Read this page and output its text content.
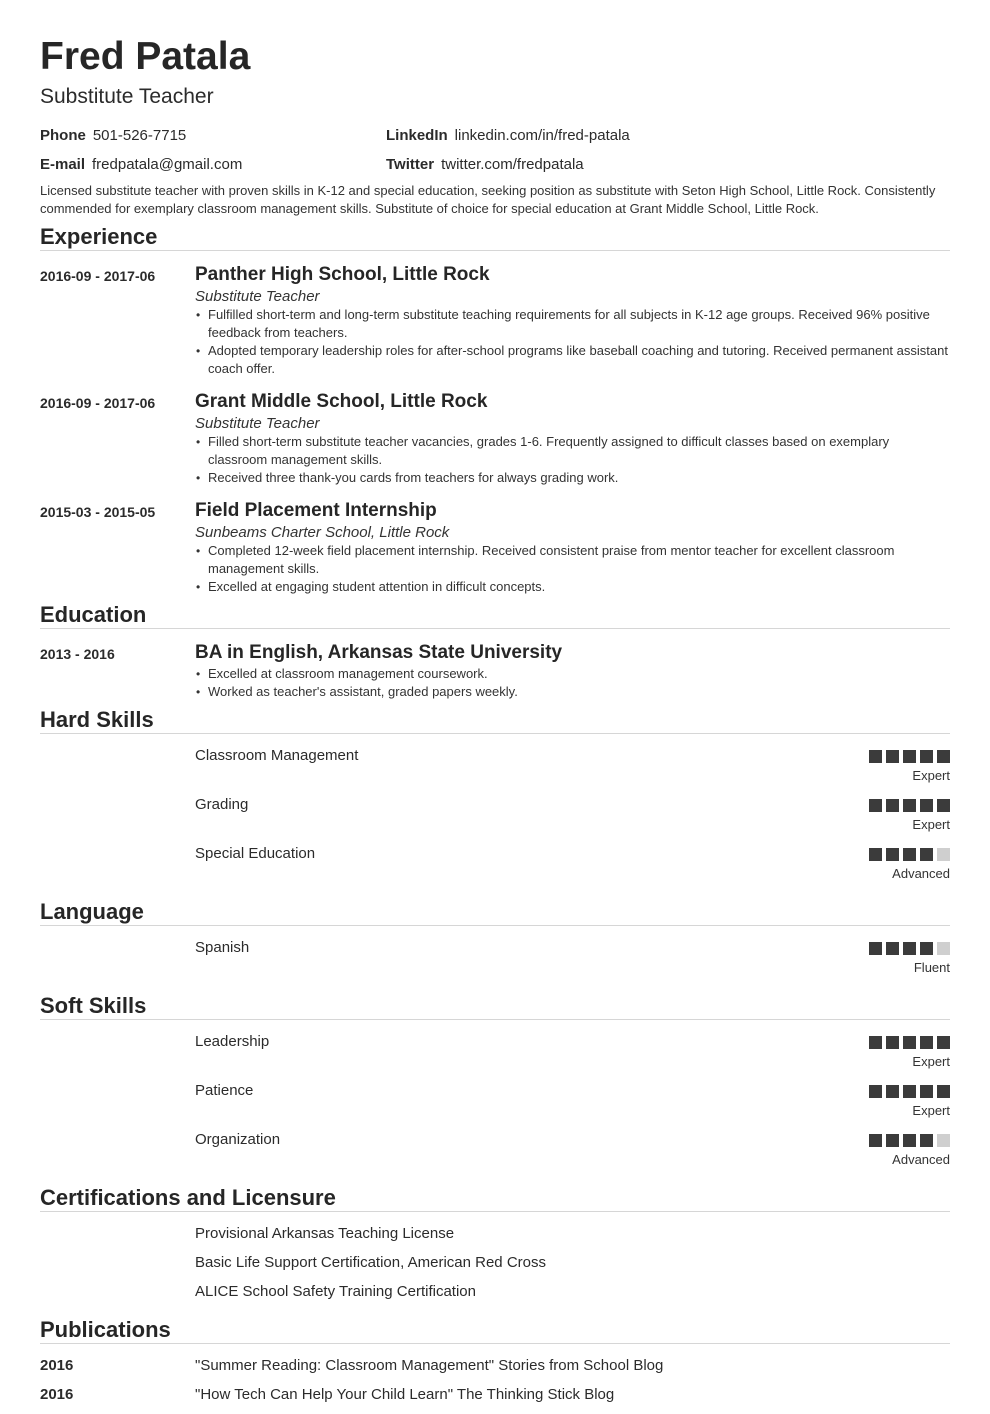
Fred Patala
Substitute Teacher
Phone 501-526-7715
E-mail fredpatala@gmail.com
LinkedIn linkedin.com/in/fred-patala
Twitter twitter.com/fredpatala
Licensed substitute teacher with proven skills in K-12 and special education, seeking position as substitute with Seton High School, Little Rock. Consistently commended for exemplary classroom management skills. Substitute of choice for special education at Grant Middle School, Little Rock.
Experience
2016-09 - 2017-06 Panther High School, Little Rock
Substitute Teacher
• Fulfilled short-term and long-term substitute teaching requirements for all subjects in K-12 age groups. Received 96% positive feedback from teachers.
• Adopted temporary leadership roles for after-school programs like baseball coaching and tutoring. Received permanent assistant coach offer.
2016-09 - 2017-06 Grant Middle School, Little Rock
Substitute Teacher
• Filled short-term substitute teacher vacancies, grades 1-6. Frequently assigned to difficult classes based on exemplary classroom management skills.
• Received three thank-you cards from teachers for always grading work.
2015-03 - 2015-05 Field Placement Internship
Sunbeams Charter School, Little Rock
• Completed 12-week field placement internship. Received consistent praise from mentor teacher for excellent classroom management skills.
• Excelled at engaging student attention in difficult concepts.
Education
2013 - 2016	BA in English, Arkansas State University
• Excelled at classroom management coursework.
• Worked as teacher's assistant, graded papers weekly.
Hard Skills
Classroom Management
Expert
Grading
Expert
Special Education
Advanced
Language
Spanish
Fluent
Soft Skills
Leadership
Expert
Patience
Expert
Organization
Advanced
Certifications and Licensure
Provisional Arkansas Teaching License
Basic Life Support Certification, American Red Cross
ALICE School Safety Training Certification
Publications
2016	"Summer Reading: Classroom Management" Stories from School Blog
2016	"How Tech Can Help Your Child Learn" The Thinking Stick Blog
